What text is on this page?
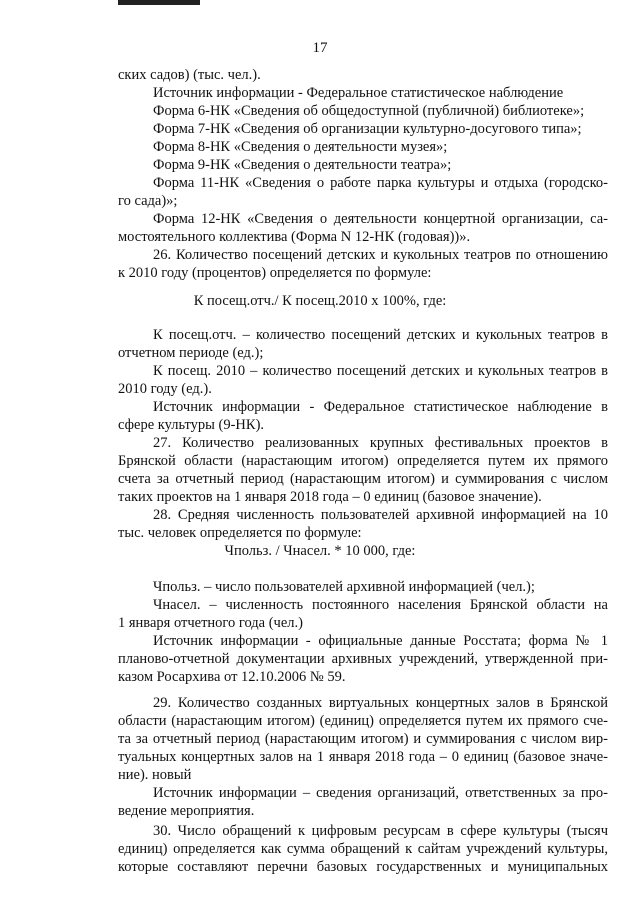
17
ских садов) (тыс. чел.).
Источник информации - Федеральное статистическое наблюдение
Форма 6-НК «Сведения об общедоступной (публичной) библиотеке»;
Форма 7-НК «Сведения об организации культурно-досугового типа»;
Форма 8-НК «Сведения о деятельности музея»;
Форма 9-НК «Сведения о деятельности театра»;
Форма 11-НК «Сведения о работе парка культуры и отдыха (городско-
го сада)»;
Форма 12-НК «Сведения о деятельности концертной организации, са-
мостоятельного коллектива (Форма N 12-НК (годовая))».
26. Количество посещений детских и кукольных театров по отношению
к 2010 году (процентов) определяется по формуле:
К посещ.отч./ К посещ.2010 x 100%, где:
К посещ.отч. – количество посещений детских и кукольных театров в
отчетном периоде (ед.);
К посещ. 2010 – количество посещений детских и кукольных театров в
2010 году (ед.).
Источник информации - Федеральное статистическое наблюдение в
сфере культуры (9-НК).
27. Количество реализованных крупных фестивальных проектов в
Брянской области (нарастающим итогом) определяется путем их прямого
счета за отчетный период (нарастающим итогом) и суммирования с числом
таких проектов на 1 января 2018 года – 0 единиц (базовое значение).
28. Средняя численность пользователей архивной информацией на 10
тыс. человек определяется по формуле:
Чпольз. / Чнасел. * 10 000, где:
Чпольз. – число пользователей архивной информацией (чел.);
Чнасел. – численность постоянного населения Брянской области на
1 января отчетного года (чел.)
Источник информации - официальные данные Росстата; форма № 1
планово-отчетной документации архивных учреждений, утвержденной при-
казом Росархива от 12.10.2006 № 59.
29. Количество созданных виртуальных концертных залов в Брянской
области (нарастающим итогом) (единиц) определяется путем их прямого сче-
та за отчетный период (нарастающим итогом) и суммирования с числом вир-
туальных концертных залов на 1 января 2018 года – 0 единиц (базовое значе-
ние). новый
Источник информации – сведения организаций, ответственных за про-
ведение мероприятия.
30. Число обращений к цифровым ресурсам в сфере культуры (тысяч
единиц) определяется как сумма обращений к сайтам учреждений культуры,
которые составляют перечни базовых государственных и муниципальных
